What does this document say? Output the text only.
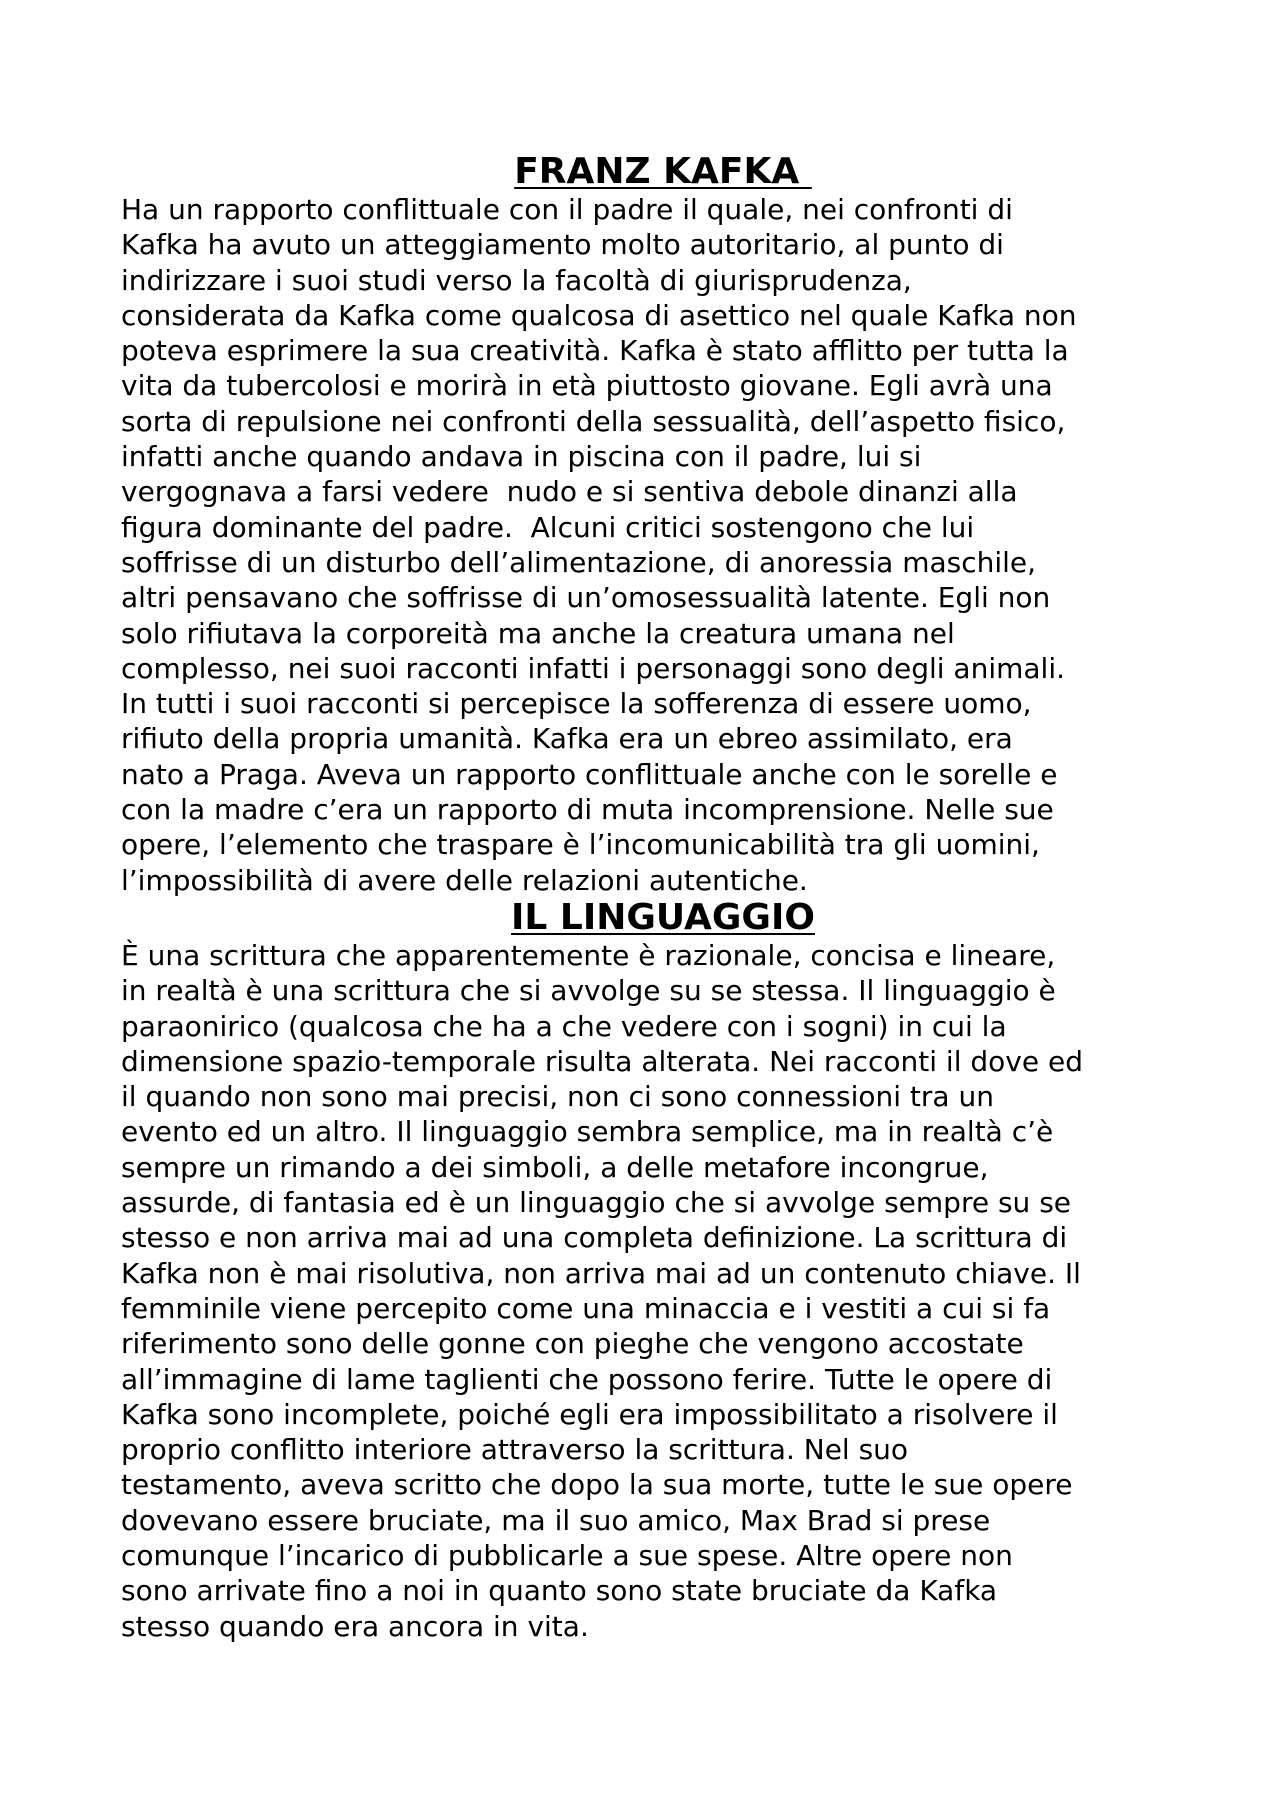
FRANZ KAFKA
Ha un rapporto conflittuale con il padre il quale, nei confronti di
Kafka ha avuto un atteggiamento molto autoritario, al punto di
indirizzare i suoi studi verso la facoltà di giurisprudenza,
considerata da Kafka come qualcosa di asettico nel quale Kafka non
poteva esprimere la sua creatività. Kafka è stato afflitto per tutta la
vita da tubercolosi e morirà in età piuttosto giovane. Egli avrà una
sorta di repulsione nei confronti della sessualità, dell’aspetto fisico,
infatti anche quando andava in piscina con il padre, lui si
vergognava a farsi vedere  nudo e si sentiva debole dinanzi alla
figura dominante del padre.  Alcuni critici sostengono che lui
soffrisse di un disturbo dell’alimentazione, di anoressia maschile,
altri pensavano che soffrisse di un’omosessualità latente. Egli non
solo rifiutava la corporeità ma anche la creatura umana nel
complesso, nei suoi racconti infatti i personaggi sono degli animali.
In tutti i suoi racconti si percepisce la sofferenza di essere uomo,
rifiuto della propria umanità. Kafka era un ebreo assimilato, era
nato a Praga. Aveva un rapporto conflittuale anche con le sorelle e
con la madre c’era un rapporto di muta incomprensione. Nelle sue
opere, l’elemento che traspare è l’incomunicabilità tra gli uomini,
l’impossibilità di avere delle relazioni autentiche.
IL LINGUAGGIO
È una scrittura che apparentemente è razionale, concisa e lineare,
in realtà è una scrittura che si avvolge su se stessa. Il linguaggio è
paraonirico (qualcosa che ha a che vedere con i sogni) in cui la
dimensione spazio-temporale risulta alterata. Nei racconti il dove ed
il quando non sono mai precisi, non ci sono connessioni tra un
evento ed un altro. Il linguaggio sembra semplice, ma in realtà c’è
sempre un rimando a dei simboli, a delle metafore incongrue,
assurde, di fantasia ed è un linguaggio che si avvolge sempre su se
stesso e non arriva mai ad una completa definizione. La scrittura di
Kafka non è mai risolutiva, non arriva mai ad un contenuto chiave. Il
femminile viene percepito come una minaccia e i vestiti a cui si fa
riferimento sono delle gonne con pieghe che vengono accostate
all’immagine di lame taglienti che possono ferire. Tutte le opere di
Kafka sono incomplete, poiché egli era impossibilitato a risolvere il
proprio conflitto interiore attraverso la scrittura. Nel suo
testamento, aveva scritto che dopo la sua morte, tutte le sue opere
dovevano essere bruciate, ma il suo amico, Max Brad si prese
comunque l’incarico di pubblicarle a sue spese. Altre opere non
sono arrivate fino a noi in quanto sono state bruciate da Kafka
stesso quando era ancora in vita.
